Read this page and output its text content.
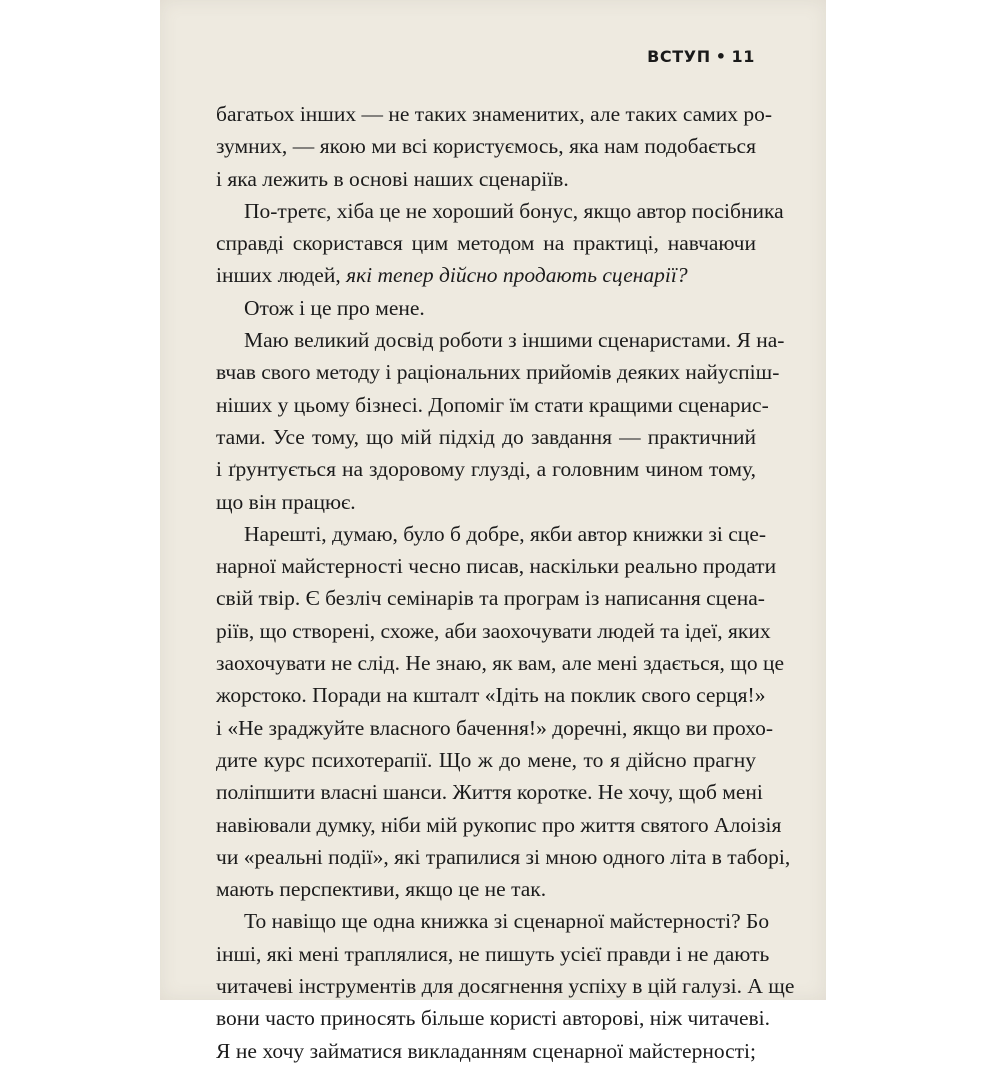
ВСТУП • 11
багатьох інших — не таких знаменитих, але таких самих ро-
зумних, — якою ми всі користуємось, яка нам подобається
і яка лежить в основі наших сценаріїв.
По-третє, хіба це не хороший бонус, якщо автор посібника
справді скористався цим методом на практиці, навчаючи
інших людей, які тепер дійсно продають сценарії?
Отож і це про мене.
Маю великий досвід роботи з іншими сценаристами. Я на-
вчав свого методу і раціональних прийомів деяких найуспіш-
ніших у цьому бізнесі. Допоміг їм стати кращими сценарис-
тами. Усе тому, що мій підхід до завдання — практичний
і ґрунтується на здоровому глузді, а головним чином тому,
що він працює.
Нарешті, думаю, було б добре, якби автор книжки зі сце-
нарної майстерності чесно писав, наскільки реально продати
свій твір. Є безліч семінарів та програм із написання сцена-
ріїв, що створені, схоже, аби заохочувати людей та ідеї, яких
заохочувати не слід. Не знаю, як вам, але мені здається, що це
жорстоко. Поради на кшталт «Ідіть на поклик свого серця!»
і «Не зраджуйте власного бачення!» доречні, якщо ви прохо-
дите курс психотерапії. Що ж до мене, то я дійсно прагну
поліпшити власні шанси. Життя коротке. Не хочу, щоб мені
навіювали думку, ніби мій рукопис про життя святого Алоізія
чи «реальні події», які трапилися зі мною одного літа в таборі,
мають перспективи, якщо це не так.
То навіщо ще одна книжка зі сценарної майстерності? Бо
інші, які мені траплялися, не пишуть усієї правди і не дають
читачеві інструментів для досягнення успіху в цій галузі. А ще
вони часто приносять більше користі авторові, ніж читачеві.
Я не хочу займатися викладанням сценарної майстерності;
